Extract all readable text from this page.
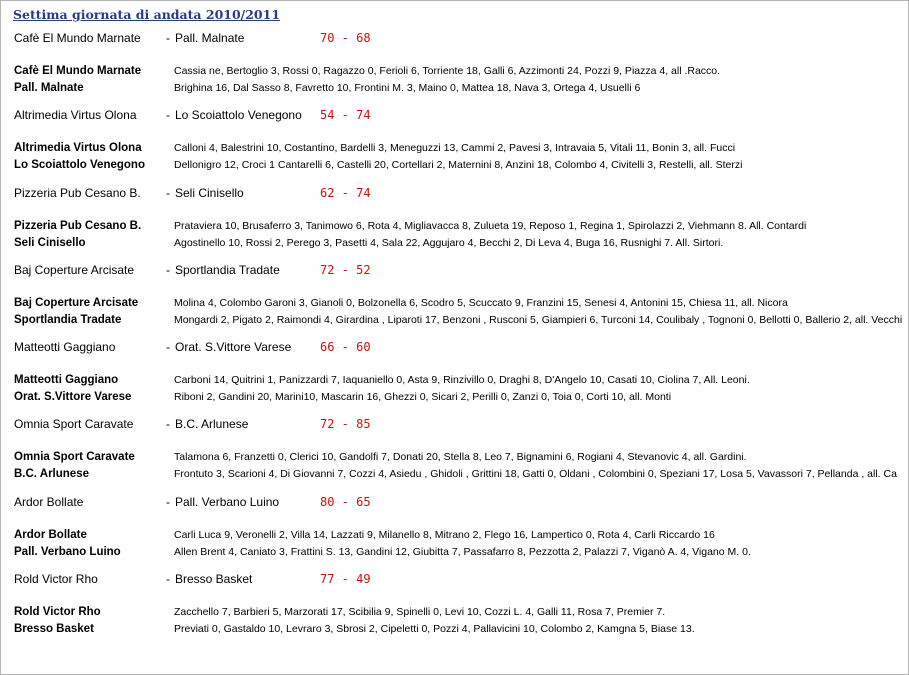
Settima giornata di andata 2010/2011
Cafè El Mundo Marnate - Pall. Malnate	70 - 68
Cafè El Mundo Marnate	Cassia ne, Bertoglio 3, Rossi 0, Ragazzo 0, Ferioli 6, Torriente 18, Galli 6, Azzimonti 24, Pozzi 9, Piazza 4, all .Racco.
Pall. Malnate	Brighina 16, Dal Sasso 8, Favretto 10, Frontini M. 3, Maino 0, Mattea 18, Nava 3, Ortega 4, Usuelli 6
Altrimedia Virtus Olona - Lo Scoiattolo Venegono 54 - 74
Altrimedia Virtus Olona	Calloni 4, Balestrini 10, Costantino, Bardelli 3, Meneguzzi 13, Cammi 2, Pavesi 3, Intravaia 5, Vitali 11, Bonin 3, all. Fucci
Lo Scoiattolo Venegono	Dellonigro 12, Croci 1 Cantarelli 6, Castelli 20, Cortellari 2, Maternini 8, Anzini 18, Colombo 4, Civitelli 3, Restelli, all. Sterzi
Pizzeria Pub Cesano B. - Seli Cinisello	62 - 74
Pizzeria Pub Cesano B.	Prataviera 10, Brusaferro 3, Tanimowo 6, Rota 4, Migliavacca 8, Zulueta 19, Reposo 1, Regina 1, Spirolazzi 2, Viehmann 8. All. Contardi
Seli Cinisello	Agostinello 10, Rossi 2, Perego 3, Pasetti 4, Sala 22, Aggujaro 4, Becchi 2, Di Leva 4, Buga 16, Rusnighi 7. All. Sirtori.
Baj Coperture Arcisate	- Sportlandia Tradate	72 - 52
Baj Coperture Arcisate	Molina 4, Colombo Garoni 3, Gianoli 0, Bolzonella 6, Scodro 5, Scuccato 9, Franzini 15, Senesi 4, Antonini 15, Chiesa 11, all. Nicora
Sportlandia Tradate	Mongardi 2, Pigato 2, Raimondi 4, Girardina , Liparoti 17, Benzoni , Rusconi 5, Giampieri 6, Turconi 14, Coulibaly , Tognoni 0, Bellotti 0, Ballerio 2, all. Vecchi
Matteotti Gaggiano	- Orat. S.Vittore Varese 66 - 60
Matteotti Gaggiano	Carboni 14, Quitrini 1, Panizzardi 7, Iaquaniello 0, Asta 9, Rinzivillo 0, Draghi 8, D'Angelo 10, Casati 10, Ciolina 7, All. Leoni.
Orat. S.Vittore Varese	Riboni 2, Gandini 20, Marini10, Mascarin 16, Ghezzi 0, Sicari 2, Perilli 0, Zanzi 0, Toia 0, Corti 10, all. Monti
Omnia Sport Caravate	- B.C. Arlunese	72 - 85
Omnia Sport Caravate	Talamona 6, Franzetti 0, Clerici 10, Gandolfi 7, Donati 20, Stella 8, Leo 7, Bignamini 6, Rogiani 4, Stevanovic 4, all. Gardini.
B.C. Arlunese	Frontuto 3, Scarioni 4, Di Giovanni 7, Cozzi 4, Asiedu , Ghidoli , Grittini 18, Gatti 0, Oldani , Colombini 0, Speziani 17, Losa 5, Vavassori 7, Pellanda , all. Ca
Ardor Bollate	- Pall. Verbano Luino	80 - 65
Ardor Bollate	Carli Luca 9, Veronelli 2, Villa 14, Lazzati 9, Milanello 8, Mitrano 2, Flego 16, Lampertico 0, Rota 4, Carli Riccardo 16
Pall. Verbano Luino	Allen Brent 4, Caniato 3, Frattini S. 13, Gandini 12, Giubitta 7, Passafarro 8, Pezzotta 2, Palazzi 7, Viganò A. 4, Vigano M. 0.
Rold Victor Rho	- Bresso Basket	77 - 49
Rold Victor Rho	Zacchello 7, Barbieri 5, Marzorati 17, Scibilia 9, Spinelli 0, Levi 10, Cozzi L. 4, Galli 11, Rosa 7, Premier 7.
Bresso Basket	Previati 0, Gastaldo 10, Levraro 3, Sbrosi 2, Cipeletti 0, Pozzi 4, Pallavicini 10, Colombo 2, Kamgna 5, Biase 13.
